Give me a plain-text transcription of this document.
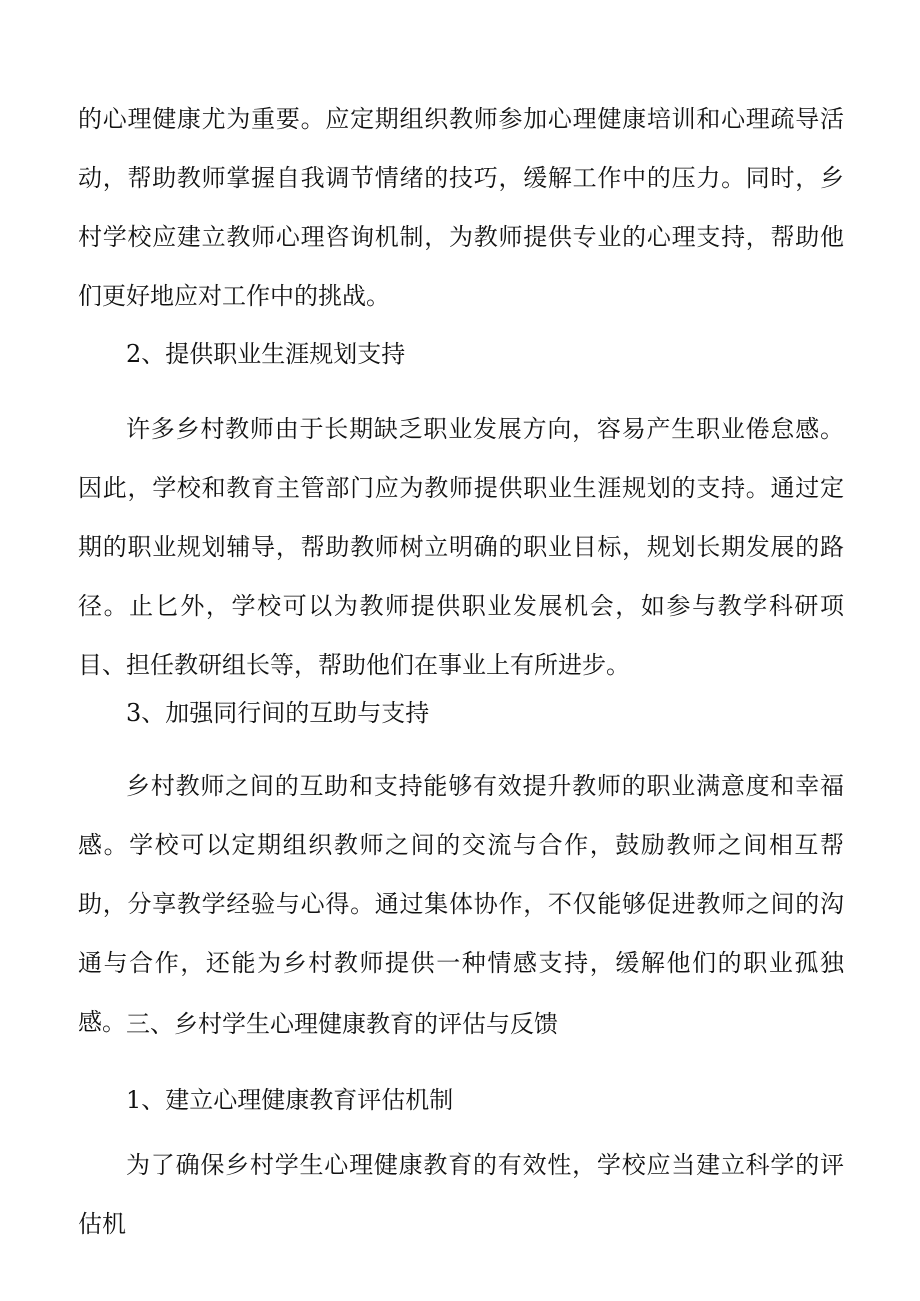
的心理健康尤为重要。应定期组织教师参加心理健康培训和心理疏导活动，帮助教师掌握自我调节情绪的技巧，缓解工作中的压力。同时，乡村学校应建立教师心理咨询机制，为教师提供专业的心理支持，帮助他们更好地应对工作中的挑战。

2、提供职业生涯规划支持

许多乡村教师由于长期缺乏职业发展方向，容易产生职业倦怠感。因此，学校和教育主管部门应为教师提供职业生涯规划的支持。通过定期的职业规划辅导，帮助教师树立明确的职业目标，规划长期发展的路径。止匕外，学校可以为教师提供职业发展机会，如参与教学科研项目、担任教研组长等，帮助他们在事业上有所进步。

3、加强同行间的互助与支持

乡村教师之间的互助和支持能够有效提升教师的职业满意度和幸福感。学校可以定期组织教师之间的交流与合作，鼓励教师之间相互帮助，分享教学经验与心得。通过集体协作，不仅能够促进教师之间的沟通与合作，还能为乡村教师提供一种情感支持，缓解他们的职业孤独感。 三、乡村学生心理健康教育的评估与反馈

1、建立心理健康教育评估机制

为了确保乡村学生心理健康教育的有效性，学校应当建立科学的评估机
